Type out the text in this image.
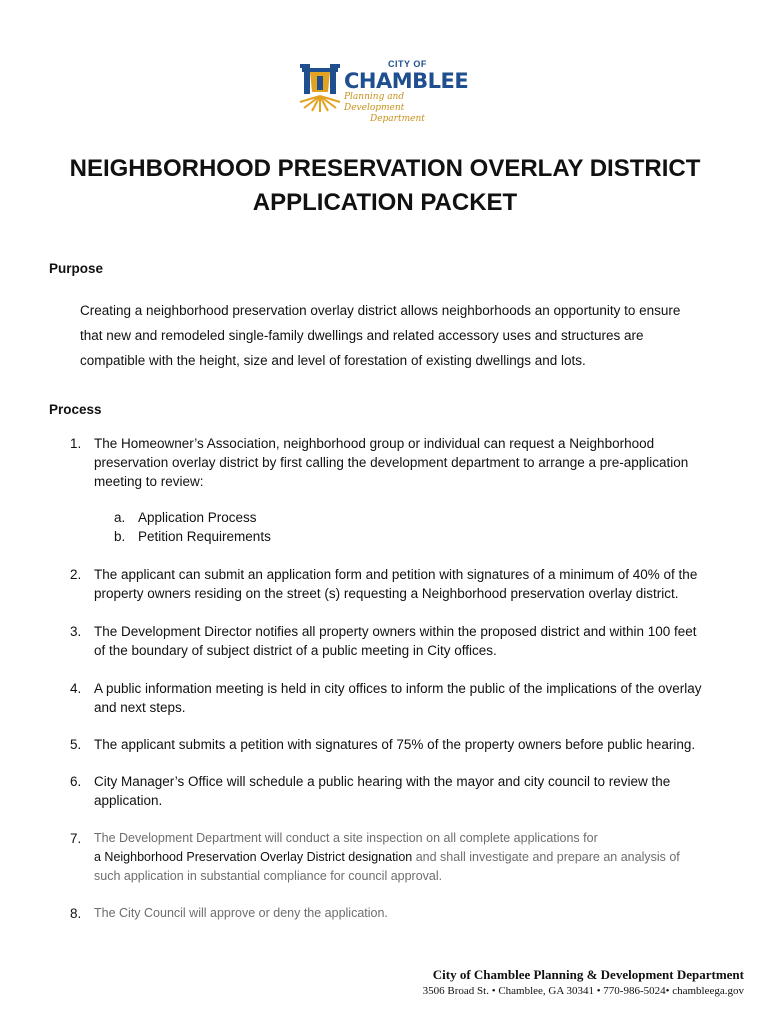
CITY OF
CHAMBLEE
Planning and Development
Department
NEIGHBORHOOD PRESERVATION OVERLAY DISTRICT
APPLICATION PACKET
Purpose

Creating a neighborhood preservation overlay district allows neighborhoods an opportunity to ensure

that new and remodeled single-family dwellings and related accessory uses and structures are

compatible with the height, size and level of forestation of existing dwellings and lots.

Process
1. The Homeowner’s Association, neighborhood group or individual can request a Neighborhood

preservation overlay district by first calling the development department to arrange a pre-application

meeting to review:

a. Application Process
b. Petition Requirements
2. The applicant can submit an application form and petition with signatures of a minimum of 40% of the

property owners residing on the street (s) requesting a Neighborhood preservation overlay district.

3. The Development Director notifies all property owners within the proposed district and within 100 feet

of the boundary of subject district of a public meeting in City offices.

4. A public information meeting is held in city offices to inform the public of the implications of the overlay

and next steps.

5. The applicant submits a petition with signatures of 75% of the property owners before public hearing.

6. City Manager’s Office will schedule a public hearing with the mayor and city council to review the

application.

7.	The Development Department will conduct a site inspection on all complete applications for

a Neighborhood Preservation Overlay District designation and shall investigate and prepare an analysis of

such application in substantial compliance for council approval.

8.	The City Council will approve or deny the application.

City of Chamblee Planning & Development Department
3506 Broad St. • Chamblee, GA 30341 • 770-986-5024• chambleega.gov
